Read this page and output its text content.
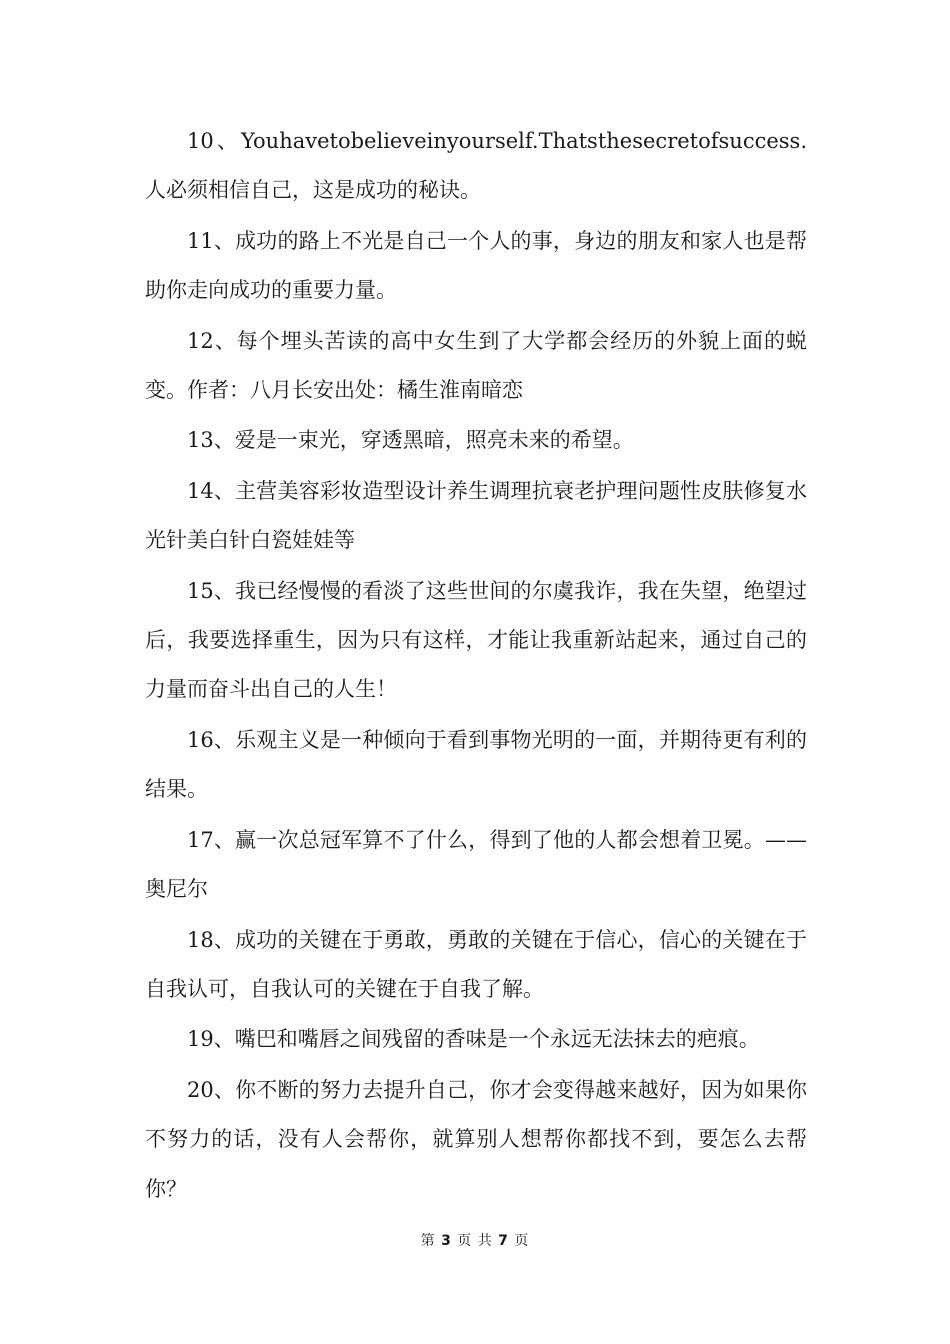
10、Youhavetobelieveinyourself.Thatsthesecretofsuccess.人必须相信自己，这是成功的秘诀。

11、成功的路上不光是自己一个人的事，身边的朋友和家人也是帮助你走向成功的重要力量。

12、每个埋头苦读的高中女生到了大学都会经历的外貌上面的蜕变。作者：八月长安出处：橘生淮南暗恋

13、爱是一束光，穿透黑暗，照亮未来的希望。

14、主营美容彩妆造型设计养生调理抗衰老护理问题性皮肤修复水光针美白针白瓷娃娃等

15、我已经慢慢的看淡了这些世间的尔虞我诈，我在失望，绝望过后，我要选择重生，因为只有这样，才能让我重新站起来，通过自己的力量而奋斗出自己的人生！

16、乐观主义是一种倾向于看到事物光明的一面，并期待更有利的结果。

17、赢一次总冠军算不了什么，得到了他的人都会想着卫冕。——奥尼尔

18、成功的关键在于勇敢，勇敢的关键在于信心，信心的关键在于自我认可，自我认可的关键在于自我了解。

19、嘴巴和嘴唇之间残留的香味是一个永远无法抹去的疤痕。

20、你不断的努力去提升自己，你才会变得越来越好，因为如果你不努力的话，没有人会帮你，就算别人想帮你都找不到，要怎么去帮你？

第 3 页 共 7 页
